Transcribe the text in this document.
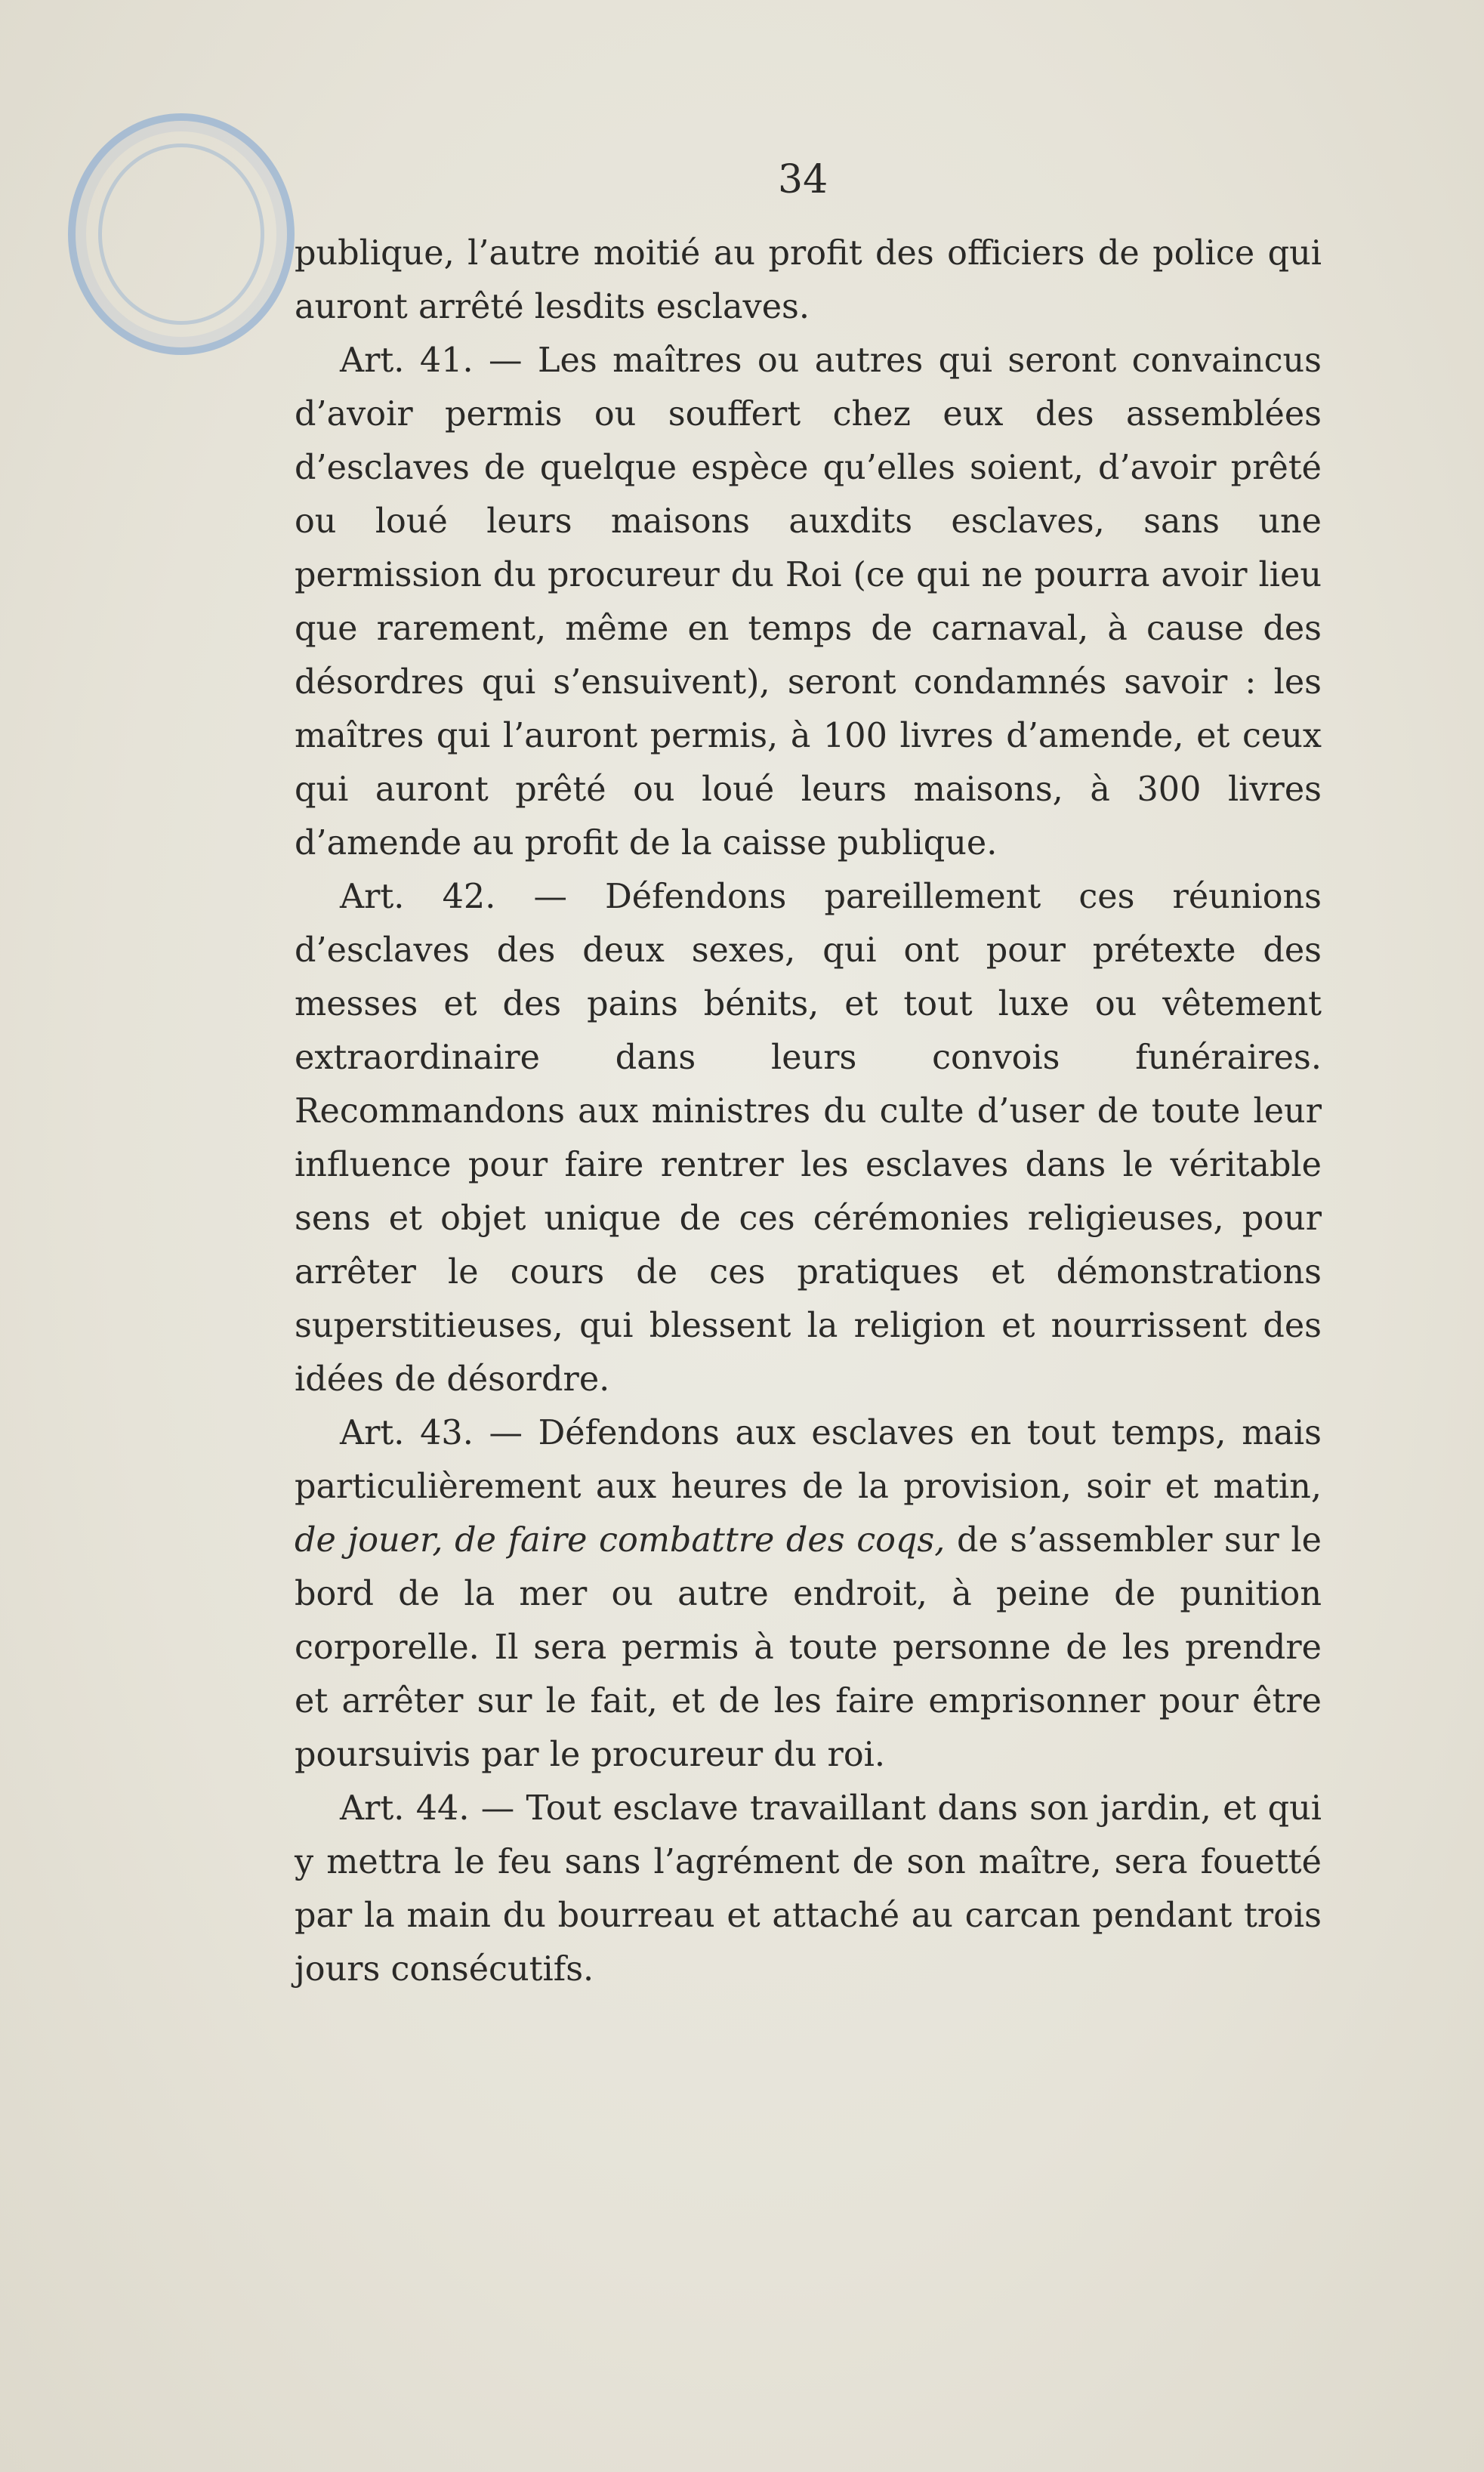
34

publique, l’autre moitié au profit des officiers de police qui auront arrêté lesdits esclaves.

Art. 41. — Les maîtres ou autres qui seront convaincus d’avoir permis ou souffert chez eux des assemblées d’esclaves de quelque espèce qu’elles soient, d’avoir prêté ou loué leurs maisons auxdits esclaves, sans une permission du procureur du Roi (ce qui ne pourra avoir lieu que rarement, même en temps de carnaval, à cause des désordres qui s’ensuivent), seront condamnés savoir : les maîtres qui l’auront permis, à 100 livres d’amende, et ceux qui auront prêté ou loué leurs maisons, à 300 livres d’amende au profit de la caisse publique.

Art. 42. — Défendons pareillement ces réunions d’esclaves des deux sexes, qui ont pour prétexte des messes et des pains bénits, et tout luxe ou vêtement extraordinaire dans leurs convois funéraires. Recommandons aux ministres du culte d’user de toute leur influence pour faire rentrer les esclaves dans le véritable sens et objet unique de ces cérémonies religieuses, pour arrêter le cours de ces pratiques et démonstrations superstitieuses, qui blessent la religion et nourrissent des idées de désordre.

Art. 43. — Défendons aux esclaves en tout temps, mais particulièrement aux heures de la provision, soir et matin, de jouer, de faire combattre des coqs, de s’assembler sur le bord de la mer ou autre endroit, à peine de punition corporelle. Il sera permis à toute personne de les prendre et arrêter sur le fait, et de les faire emprisonner pour être poursuivis par le procureur du roi.

Art. 44. — Tout esclave travaillant dans son jardin, et qui y mettra le feu sans l’agrément de son maître, sera fouetté par la main du bourreau et attaché au carcan pendant trois jours consécutifs.
